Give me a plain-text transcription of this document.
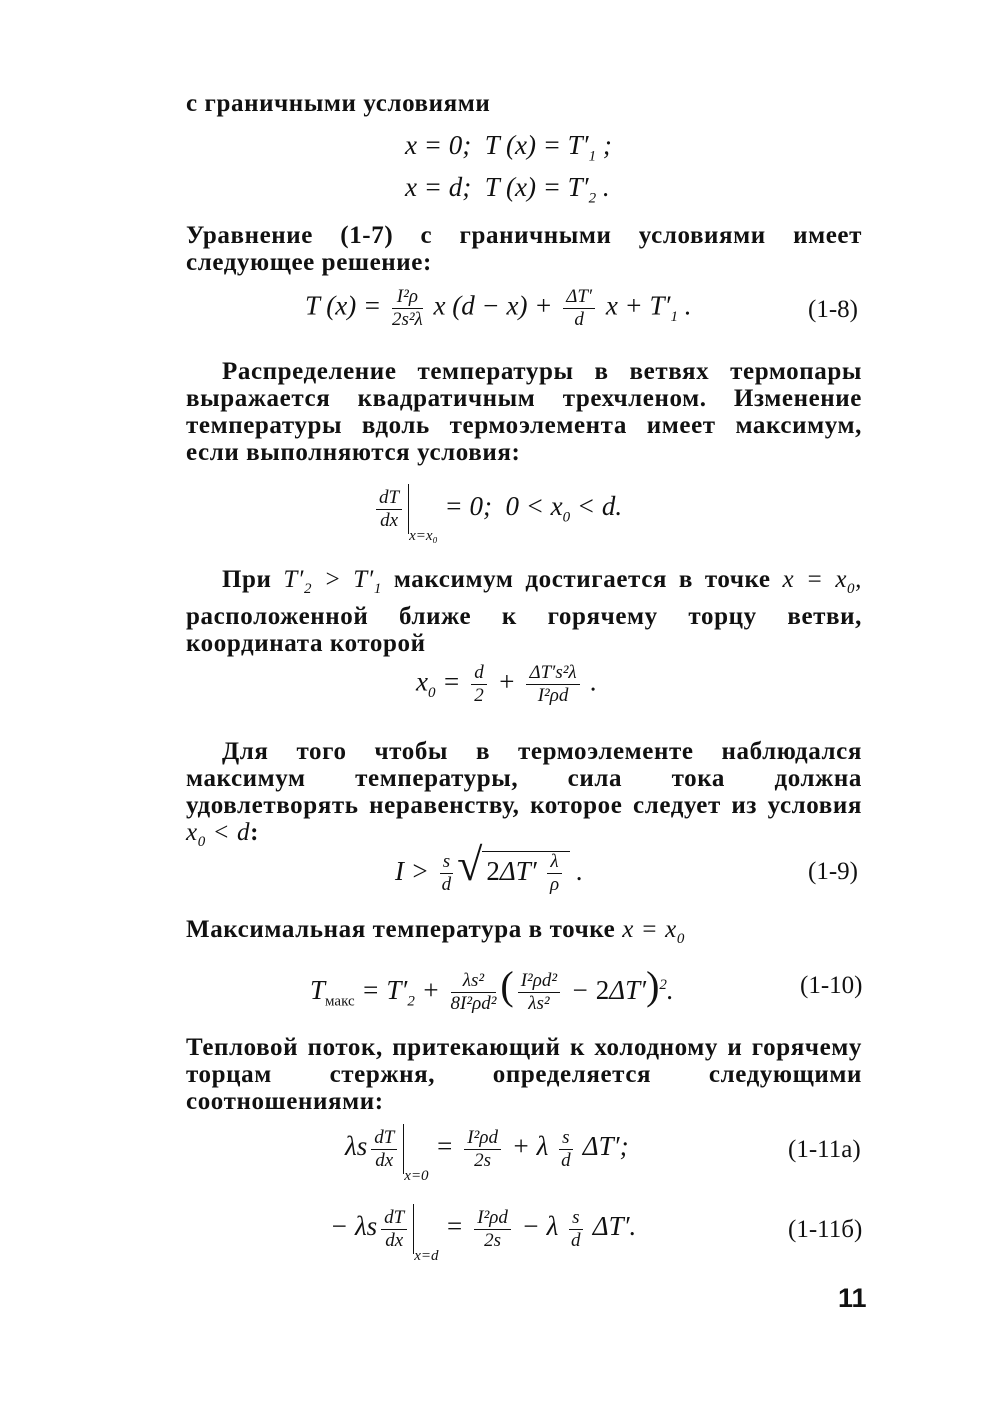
с граничными условиями
x = 0;  T $(x) = T'_1$ ;
x = d;  T $(x) = T'_2$ .
Уравнение (1-7) с граничными условиями имеет следующее решение:
T $(x) = \frac{\text{I²ρ}}{\text{2s²λ}}$ x $(d - x) + \frac{\Delta T'}{d}$ $x + T'_1$ .	(1-8)
Распределение температуры в ветвях термопары выражается квадратичным трехчленом. Изменение температуры вдоль термоэлемента имеет максимум, если выполняются условия:
$\frac{dT}{dx}$
$_{x=x_0}$ = 0;  $0 < x_0 < d$.
При $T'_2 > T'_1$ максимум достигается в точке $x = x_0$, расположенной ближе к горячему торцу ветви, координата которой
$x_0 = \frac{d}{2} + \frac{\text{ΔT′s²λ}}{\text{I²ρd}}$ .
Для того чтобы в термоэлементе наблюдался максимум температуры, сила тока должна удовлетворять неравенству, которое следует из условия $x_0 < d$:
$I > \frac{s}{d}$ √ $2\Delta T' \frac{\lambda}{\rho}$ .	(1-9)
Максимальная температура в точке $x = x_0$
$T_{макс} = T'_2 + \frac{\text{λs²}}{\text{8I²ρd²}}$ ( $\frac{\text{I²ρd²}}{\text{λs²}} - 2\Delta T')^2$.	(1-10)
Тепловой поток, притекающий к холодному и горячему торцам стержня, определяется следующими соотношениями:
λs $\frac{dT}{dx}$
$_{x=0} = \frac{\text{I²ρd}}{2s} + \lambda \frac{s}{d} \Delta T'$;	(1-11а)
− λs $\frac{dT}{dx}$
$_{x=d} = \frac{\text{I²ρd}}{2s} - \lambda \frac{s}{d} \Delta T'$.	(1-11б)
11
